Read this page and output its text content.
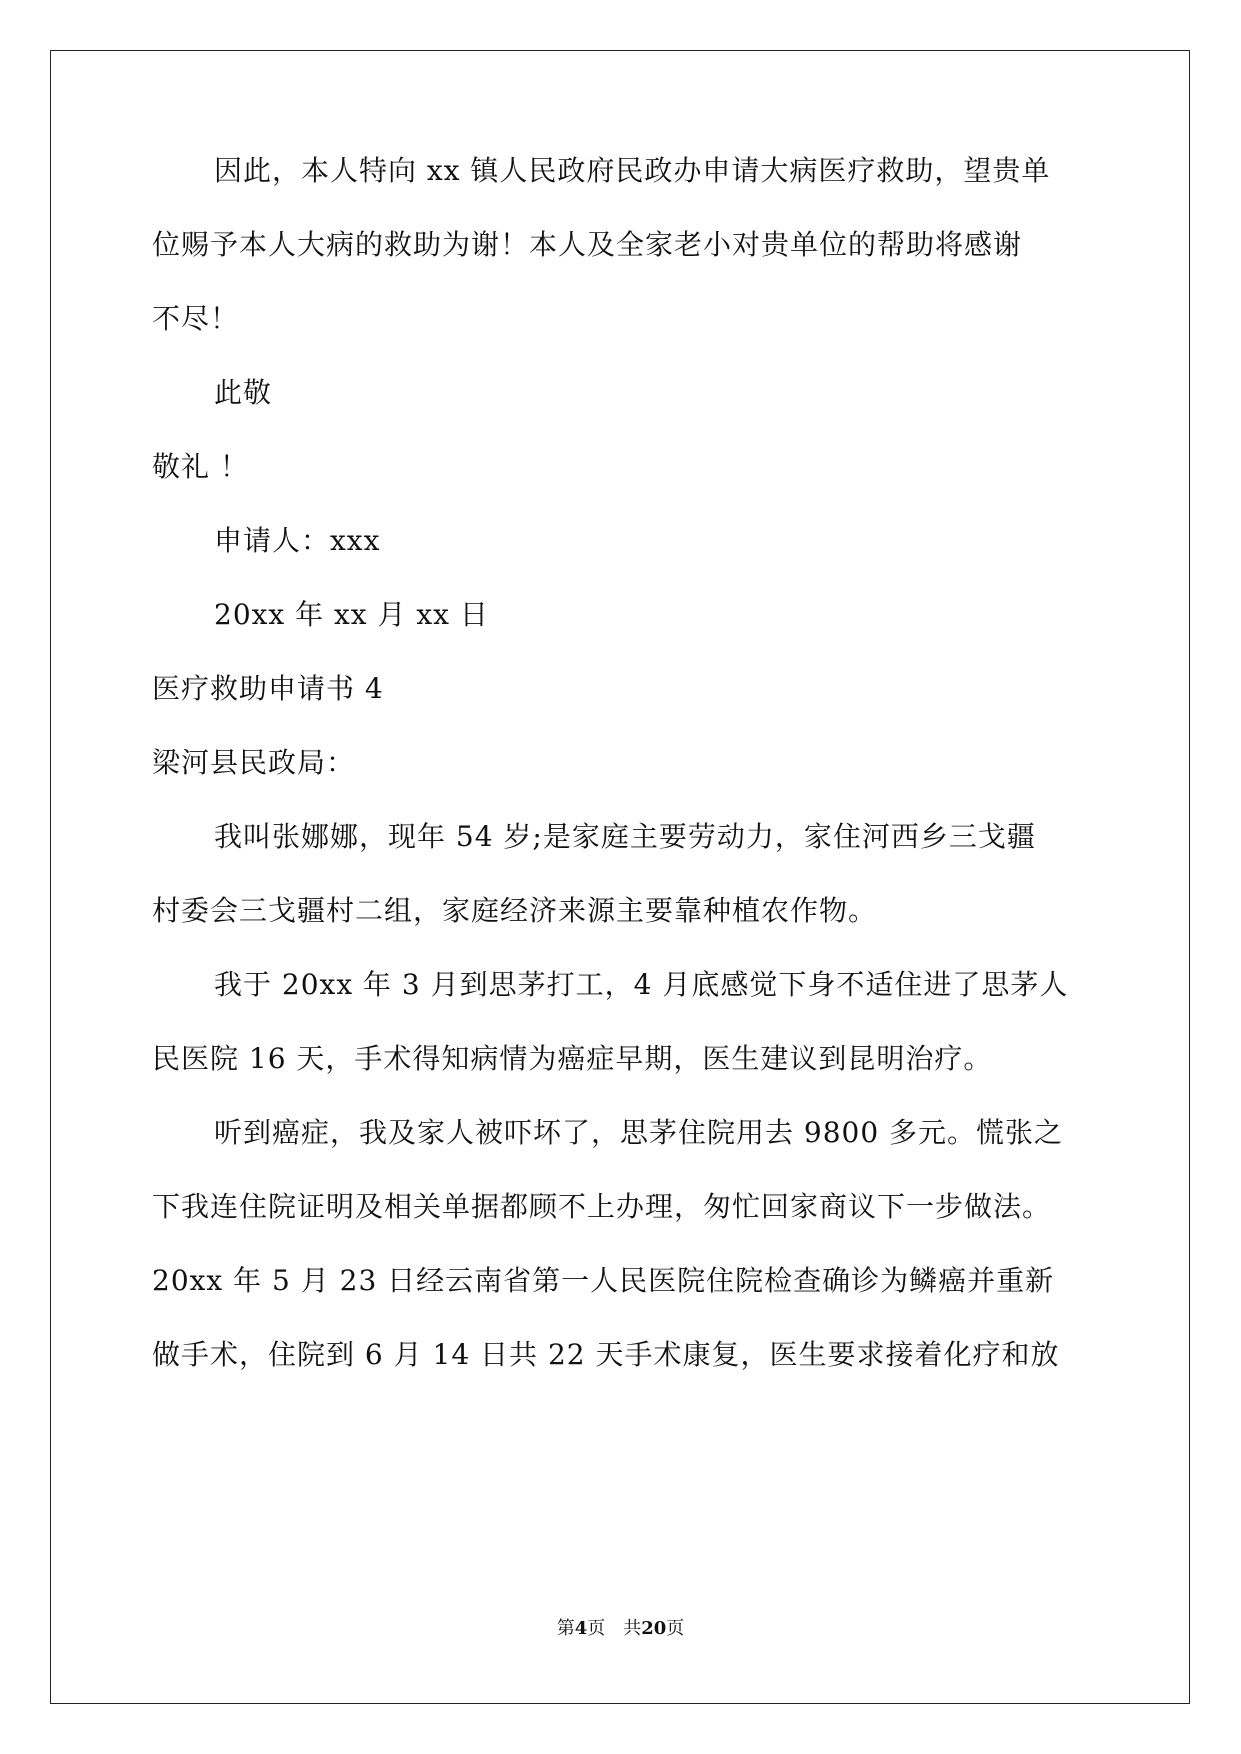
因此，本人特向 xx 镇人民政府民政办申请大病医疗救助，望贵单
位赐予本人大病的救助为谢！本人及全家老小对贵单位的帮助将感谢
不尽！
此敬
敬礼 ！
申请人：xxx
20xx 年 xx 月 xx 日
医疗救助申请书 4
梁河县民政局：
我叫张娜娜，现年 54 岁;是家庭主要劳动力，家住河西乡三戈疆
村委会三戈疆村二组，家庭经济来源主要靠种植农作物。
我于 20xx 年 3 月到思茅打工，4 月底感觉下身不适住进了思茅人
民医院 16 天，手术得知病情为癌症早期，医生建议到昆明治疗。
听到癌症，我及家人被吓坏了，思茅住院用去 9800 多元。慌张之
下我连住院证明及相关单据都顾不上办理，匆忙回家商议下一步做法。
20xx 年 5 月 23 日经云南省第一人民医院住院检查确诊为鳞癌并重新
做手术，住院到 6 月 14 日共 22 天手术康复，医生要求接着化疗和放
第4页　共20页
